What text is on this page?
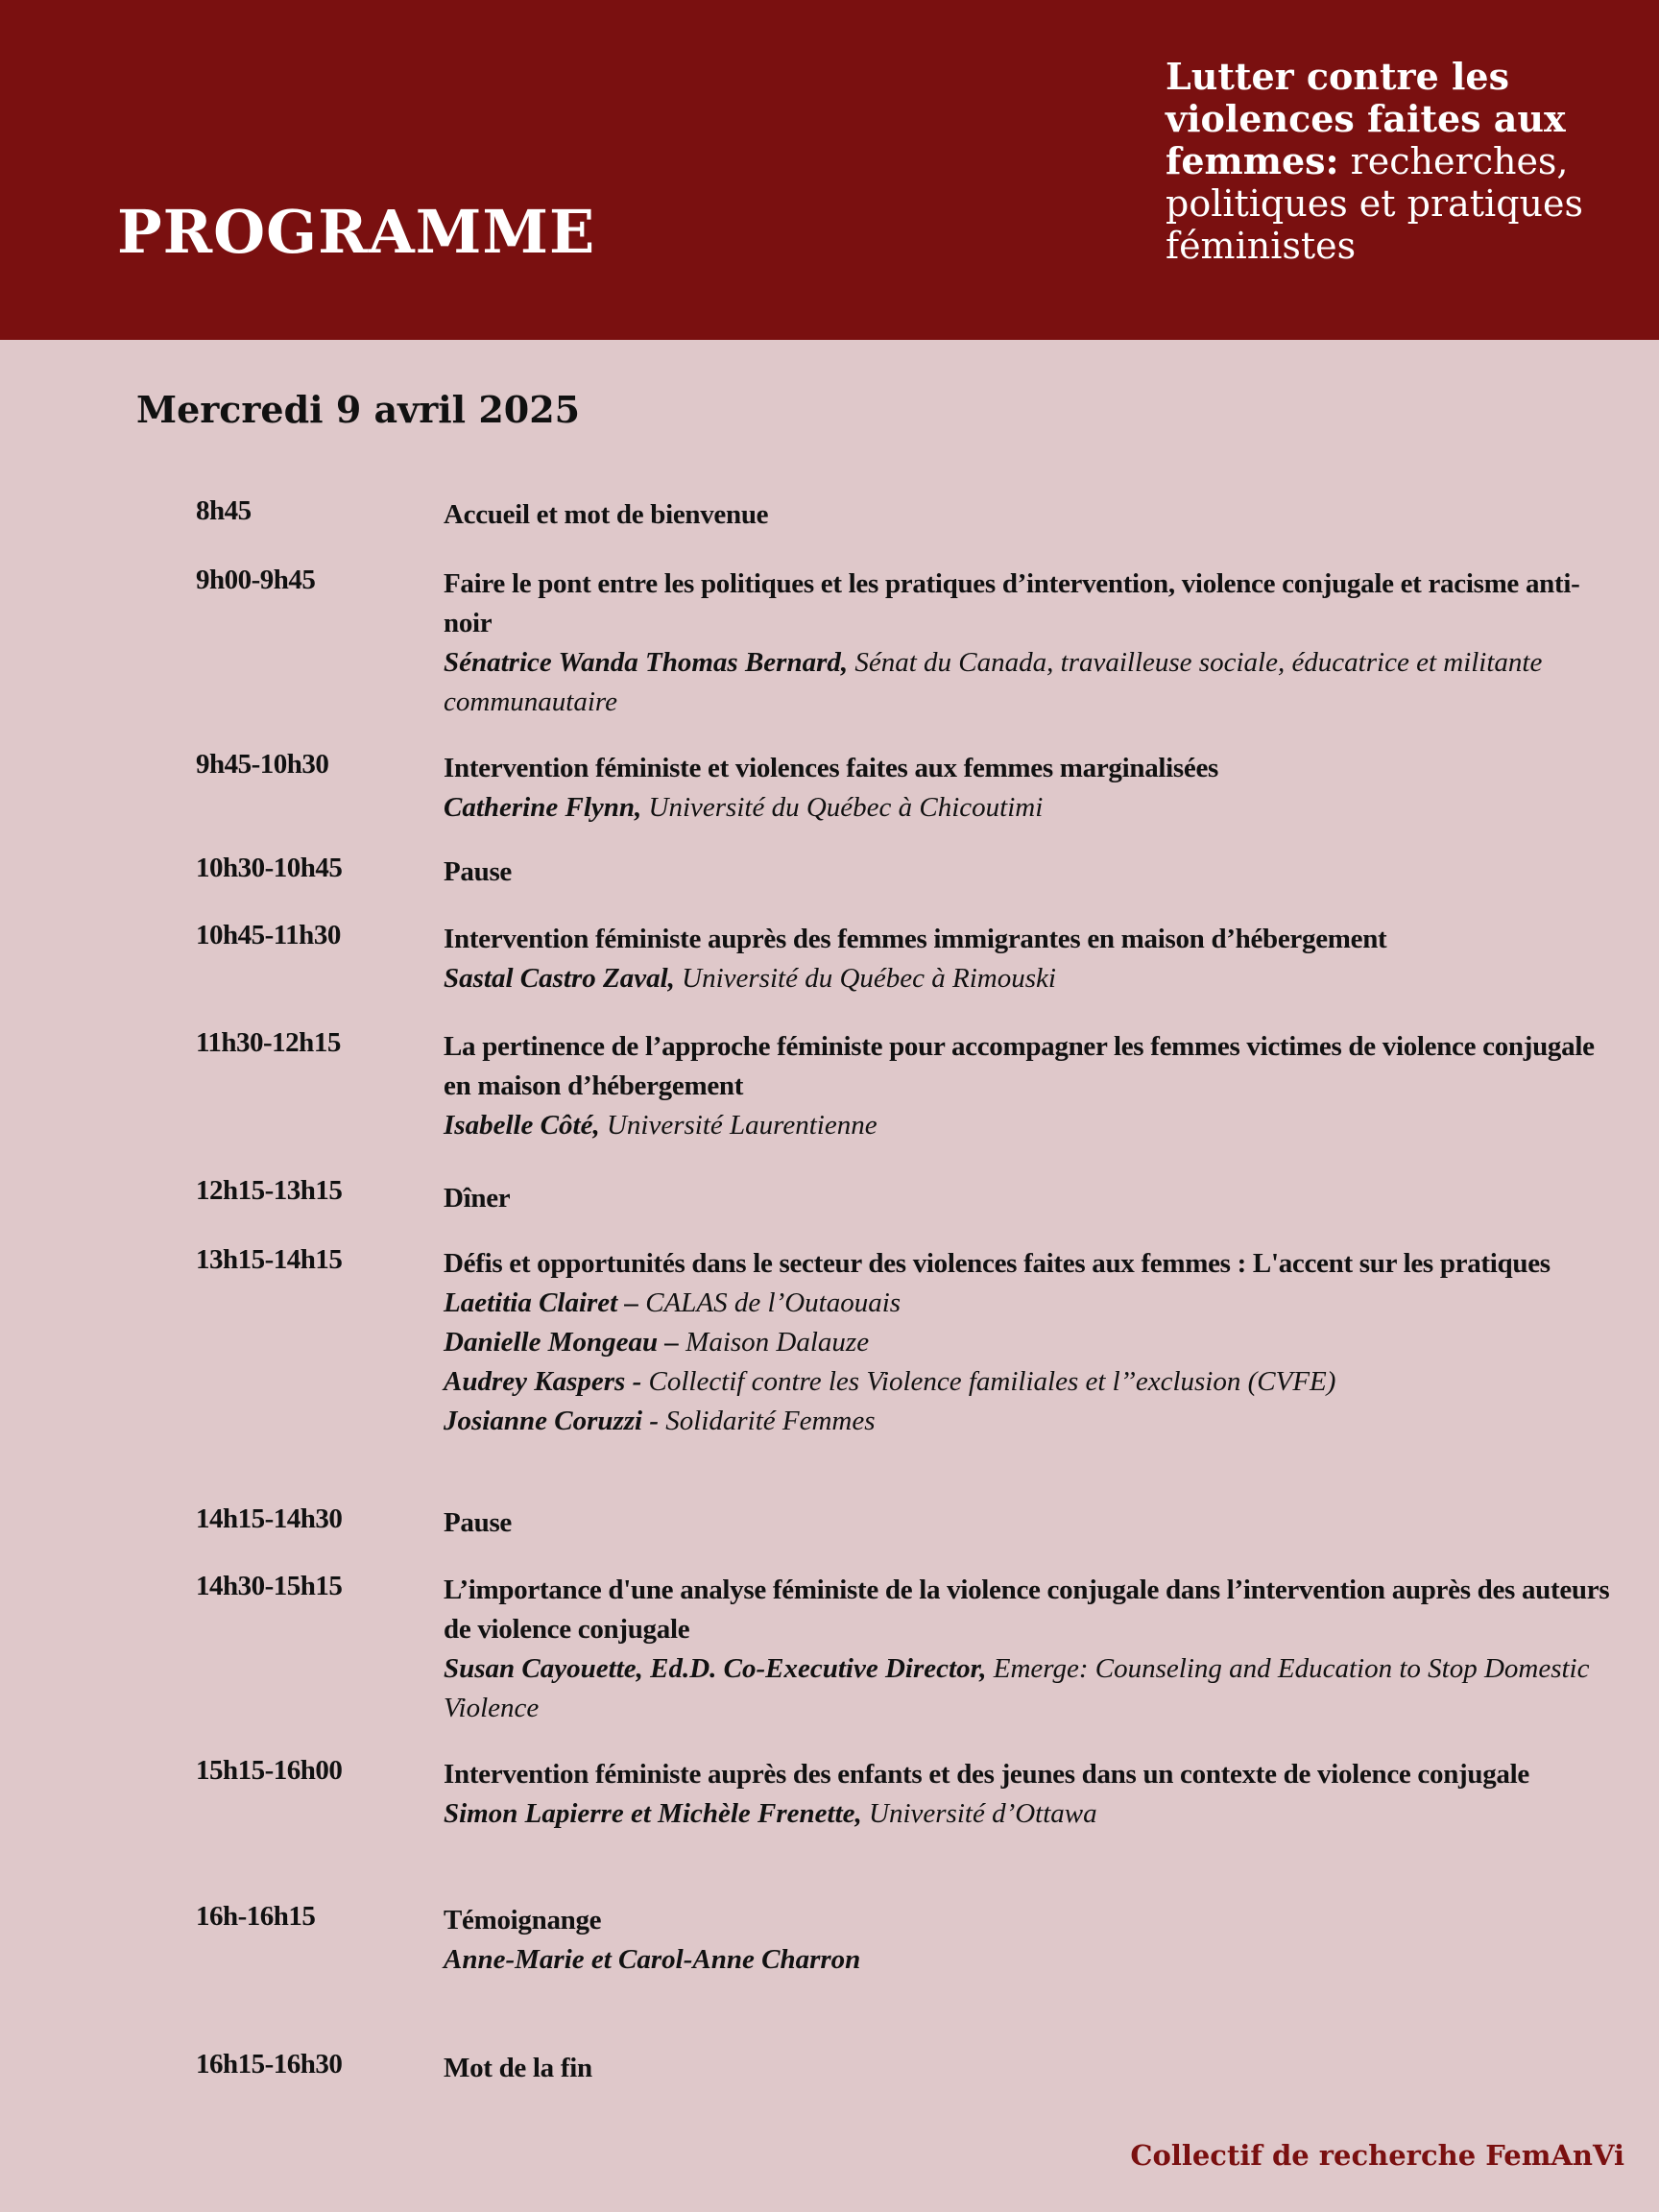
PROGRAMME
Lutter contre les violences faites aux femmes: recherches, politiques et pratiques féministes
Mercredi 9 avril 2025
8h45	Accueil et mot de bienvenue
9h00-9h45	Faire le pont entre les politiques et les pratiques d’intervention, violence conjugale et racisme anti-noir
Sénatrice Wanda Thomas Bernard, Sénat du Canada, travailleuse sociale, éducatrice et militante communautaire
9h45-10h30	Intervention féministe et violences faites aux femmes marginalisées
Catherine Flynn, Université du Québec à Chicoutimi
10h30-10h45	Pause
10h45-11h30	Intervention féministe auprès des femmes immigrantes en maison d’hébergement
Sastal Castro Zaval, Université du Québec à Rimouski
11h30-12h15	La pertinence de l’approche féministe pour accompagner les femmes victimes de violence conjugale en maison d’hébergement
Isabelle Côté, Université Laurentienne
12h15-13h15	Dîner
13h15-14h15	Défis et opportunités dans le secteur des violences faites aux femmes : L'accent sur les pratiques
Laetitia Clairet – CALAS de l’Outaouais
Danielle Mongeau – Maison Dalauze
Audrey Kaspers - Collectif contre les Violence familiales et l’’exclusion (CVFE)
Josianne Coruzzi - Solidarité Femmes
14h15-14h30	Pause
14h30-15h15	L’importance d'une analyse féministe de la violence conjugale dans l’intervention auprès des auteurs de violence conjugale
Susan Cayouette, Ed.D. Co-Executive Director, Emerge: Counseling and Education to Stop Domestic Violence
15h15-16h00	Intervention féministe auprès des enfants et des jeunes dans un contexte de violence conjugale
Simon Lapierre et Michèle Frenette, Université d’Ottawa
16h-16h15	Témoignange
Anne-Marie et Carol-Anne Charron
16h15-16h30	Mot de la fin
Collectif de recherche FemAnVi
